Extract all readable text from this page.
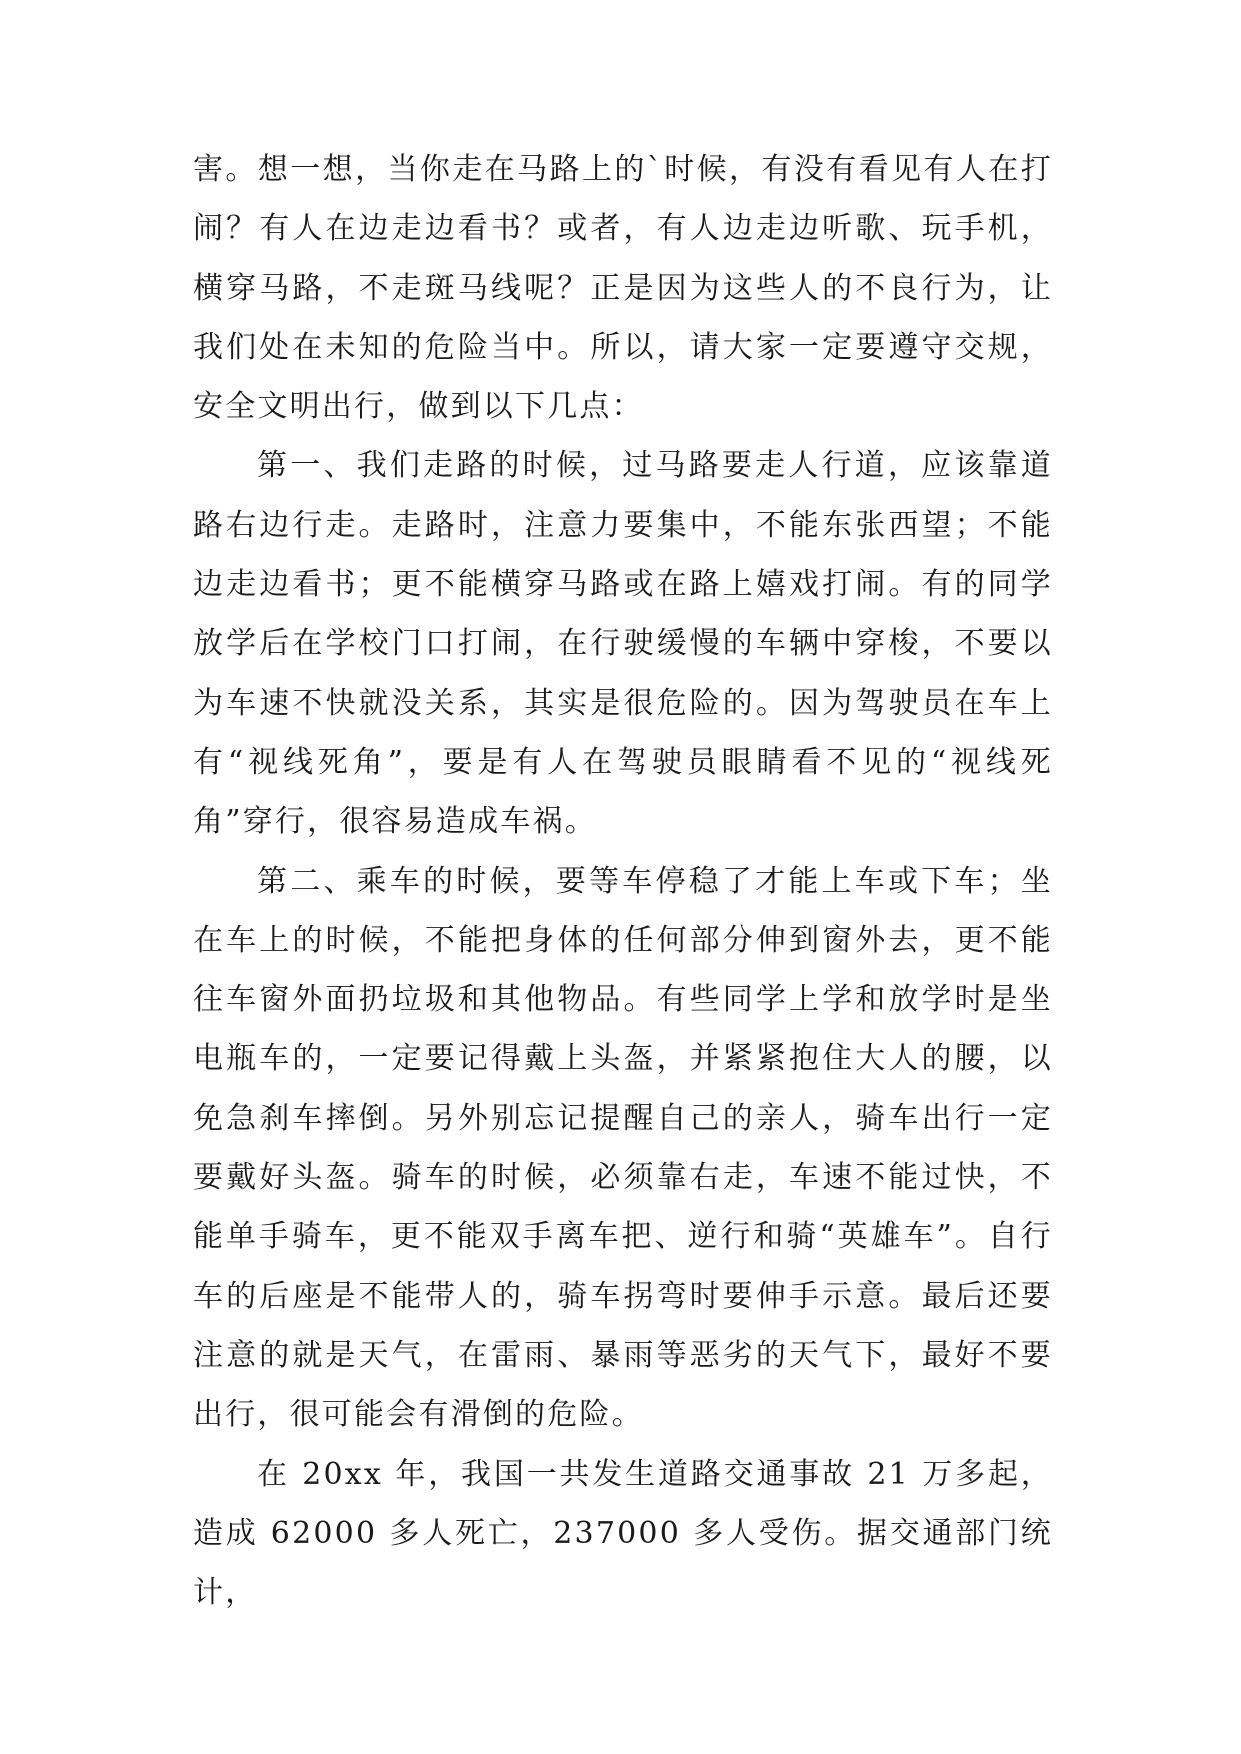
害。想一想，当你走在马路上的`时候，有没有看见有人在打闹？有人在边走边看书？或者，有人边走边听歌、玩手机，横穿马路，不走斑马线呢？正是因为这些人的不良行为，让我们处在未知的危险当中。所以，请大家一定要遵守交规，安全文明出行，做到以下几点：

第一、我们走路的时候，过马路要走人行道，应该靠道路右边行走。走路时，注意力要集中，不能东张西望；不能边走边看书；更不能横穿马路或在路上嬉戏打闹。有的同学放学后在学校门口打闹，在行驶缓慢的车辆中穿梭，不要以为车速不快就没关系，其实是很危险的。因为驾驶员在车上有“视线死角”，要是有人在驾驶员眼睛看不见的“视线死角”穿行，很容易造成车祸。

第二、乘车的时候，要等车停稳了才能上车或下车；坐在车上的时候，不能把身体的任何部分伸到窗外去，更不能往车窗外面扔垃圾和其他物品。有些同学上学和放学时是坐电瓶车的，一定要记得戴上头盔，并紧紧抱住大人的腰，以免急刹车摔倒。另外别忘记提醒自己的亲人，骑车出行一定要戴好头盔。骑车的时候，必须靠右走，车速不能过快，不能单手骑车，更不能双手离车把、逆行和骑“英雄车”。自行车的后座是不能带人的，骑车拐弯时要伸手示意。最后还要注意的就是天气，在雷雨、暴雨等恶劣的天气下，最好不要出行，很可能会有滑倒的危险。

在 20xx 年，我国一共发生道路交通事故 21 万多起，造成 62000 多人死亡，237000 多人受伤。据交通部门统计，
